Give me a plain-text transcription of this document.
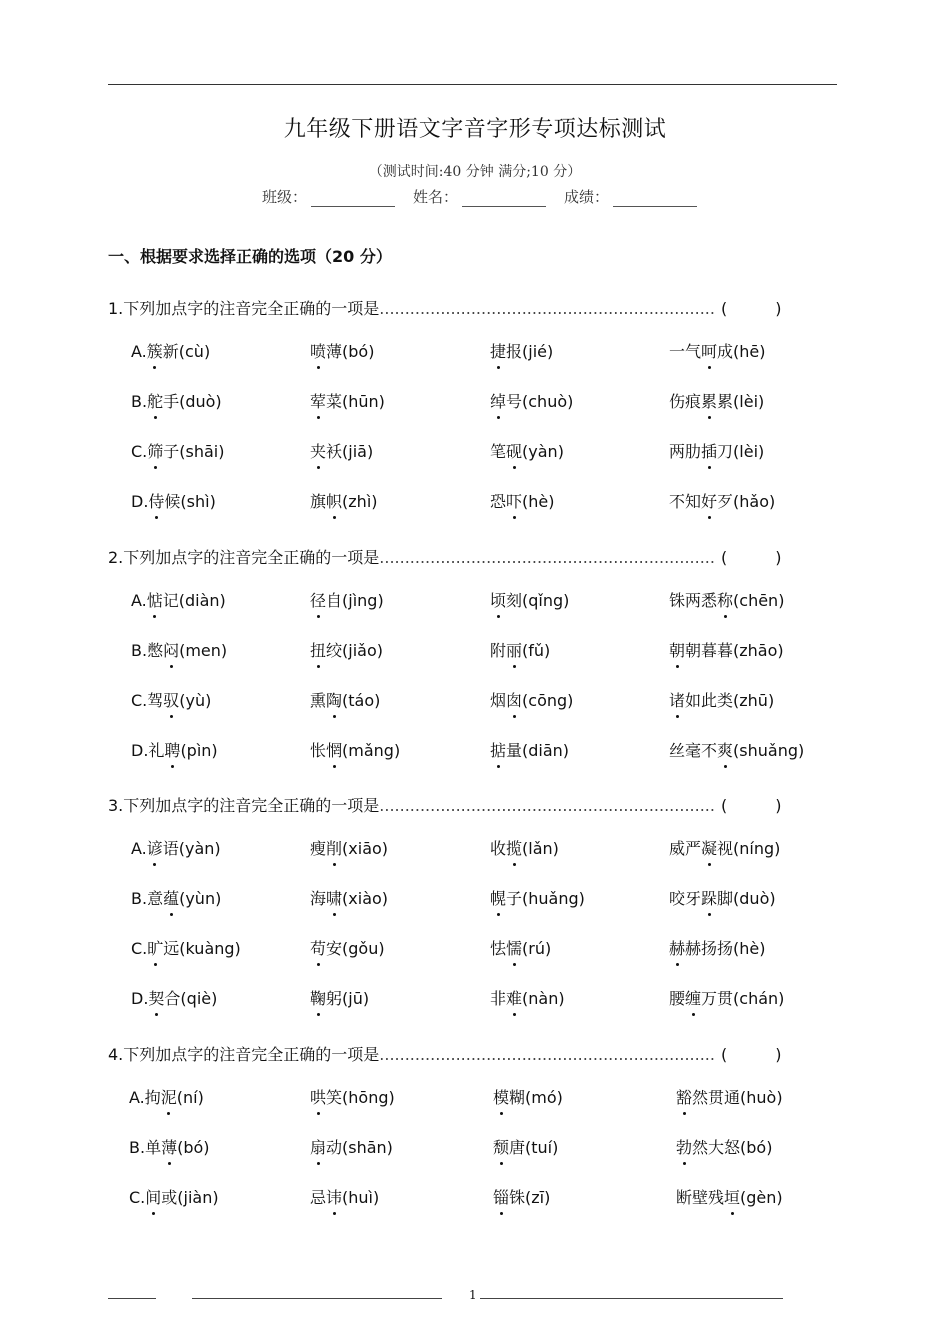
九年级下册语文字音字形专项达标测试
（测试时间:40 分钟 满分;10 分）
班级：	姓名：	成绩：
一、根据要求选择正确的选项（20 分）
1.下列加点字的注音完全正确的一项是.................................................................. (	)
A.簇新(cù)	喷薄(bó)	捷报(jié)	一气呵成(hē)
B.舵手(duò)	荤菜(hūn)	绰号(chuò)	伤痕累累(lèi)
C.筛子(shāi)	夹袄(jiā)	笔砚(yàn)	两肋插刀(lèi)
D.侍候(shì)	旗帜(zhì)	恐吓(hè)	不知好歹(hǎo)
2.下列加点字的注音完全正确的一项是.................................................................. (	)
A.惦记(diàn)	径自(jìng)	顷刻(qǐng)	铢两悉称(chēn)
B.憋闷(men)	扭绞(jiǎo)	附丽(fǔ)	朝朝暮暮(zhāo)
C.驾驭(yù)	熏陶(táo)	烟囱(cōng)	诸如此类(zhū)
D.礼聘(pìn)	怅惘(mǎng)	掂量(diān)	丝毫不爽(shuǎng)
3.下列加点字的注音完全正确的一项是.................................................................. (	)
A.谚语(yàn)	瘦削(xiāo)	收揽(lǎn)	威严凝视(níng)
B.意蕴(yùn)	海啸(xiào)	幌子(huǎng)	咬牙跺脚(duò)
C.旷远(kuàng)	苟安(gǒu)	怯懦(rú)	赫赫扬扬(hè)
D.契合(qiè)	鞠躬(jū)	非难(nàn)	腰缠万贯(chán)
4.下列加点字的注音完全正确的一项是.................................................................. (	)
A.拘泥(ní)	哄笑(hōng)	模糊(mó)	豁然贯通(huò)
B.单薄(bó)	扇动(shān)	颓唐(tuí)	勃然大怒(bó)
C.间或(jiàn)	忌讳(huì)	锱铢(zī)	断壁残垣(gèn)
1
